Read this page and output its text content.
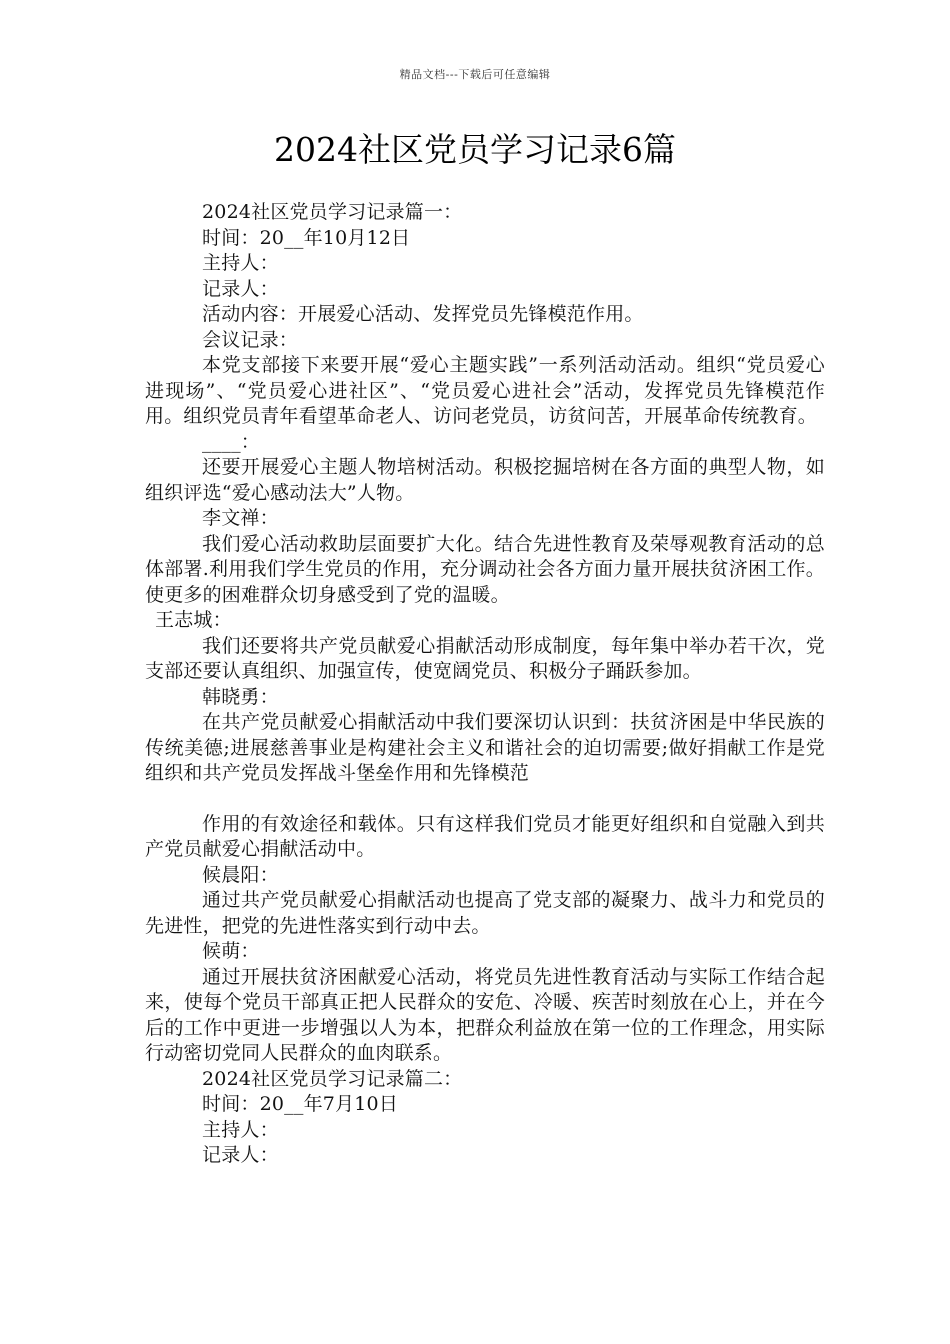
精品文档---下载后可任意编辑
2024社区党员学习记录6篇

2024社区党员学习记录篇一：

时间：20__年10月12日

主持人：

记录人：

活动内容：开展爱心活动、发挥党员先锋模范作用。

会议记录：

本党支部接下来要开展“爱心主题实践”一系列活动活动。组织“党员爱心进现场”、“党员爱心进社区”、“党员爱心进社会”活动，发挥党员先锋模范作用。组织党员青年看望革命老人、访问老党员，访贫问苦，开展革命传统教育。

____：

还要开展爱心主题人物培树活动。积极挖掘培树在各方面的典型人物，如组织评选“爱心感动法大”人物。

李文禅：

我们爱心活动救助层面要扩大化。结合先进性教育及荣辱观教育活动的总体部署.利用我们学生党员的作用，充分调动社会各方面力量开展扶贫济困工作。使更多的困难群众切身感受到了党的温暖。

王志城：

我们还要将共产党员献爱心捐献活动形成制度，每年集中举办若干次，党支部还要认真组织、加强宣传，使宽阔党员、积极分子踊跃参加。

韩晓勇：

在共产党员献爱心捐献活动中我们要深切认识到：扶贫济困是中华民族的传统美德;进展慈善事业是构建社会主义和谐社会的迫切需要;做好捐献工作是党组织和共产党员发挥战斗堡垒作用和先锋模范

作用的有效途径和载体。只有这样我们党员才能更好组织和自觉融入到共产党员献爱心捐献活动中。

候晨阳：

通过共产党员献爱心捐献活动也提高了党支部的凝聚力、战斗力和党员的先进性，把党的先进性落实到行动中去。

候萌：

通过开展扶贫济困献爱心活动，将党员先进性教育活动与实际工作结合起来，使每个党员干部真正把人民群众的安危、冷暖、疾苦时刻放在心上，并在今后的工作中更进一步增强以人为本，把群众利益放在第一位的工作理念，用实际行动密切党同人民群众的血肉联系。

2024社区党员学习记录篇二：

时间：20__年7月10日

主持人：

记录人：
